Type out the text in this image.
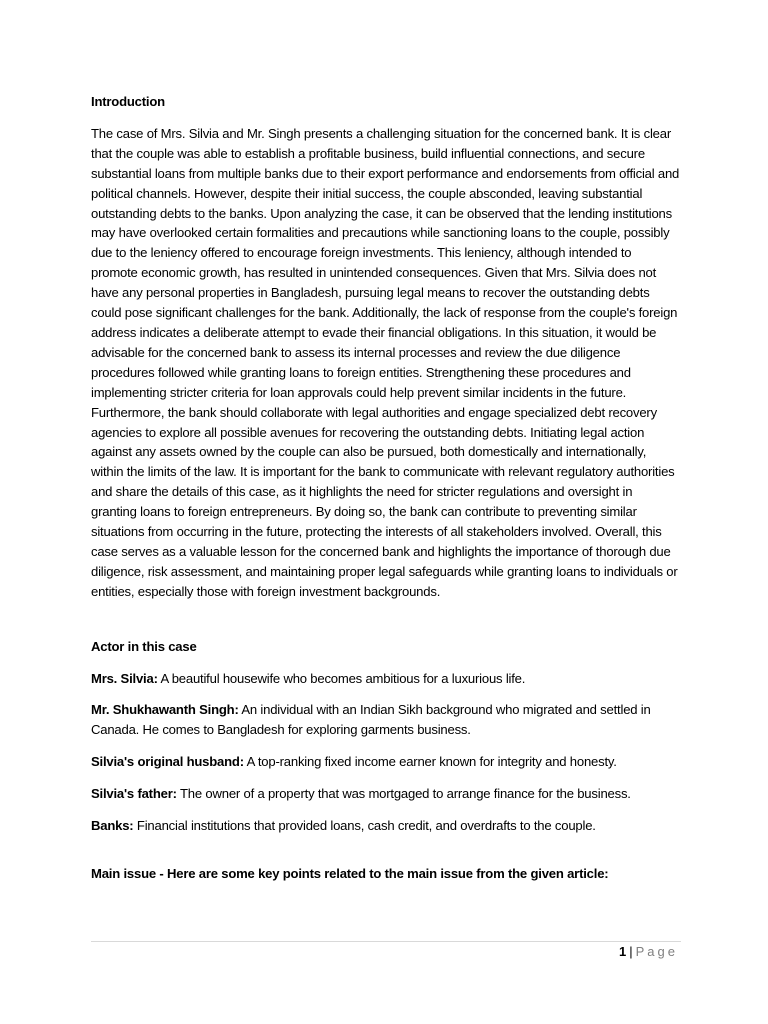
Introduction

The case of Mrs. Silvia and Mr. Singh presents a challenging situation for the concerned bank. It is clear that the couple was able to establish a profitable business, build influential connections, and secure substantial loans from multiple banks due to their export performance and endorsements from official and political channels. However, despite their initial success, the couple absconded, leaving substantial outstanding debts to the banks. Upon analyzing the case, it can be observed that the lending institutions may have overlooked certain formalities and precautions while sanctioning loans to the couple, possibly due to the leniency offered to encourage foreign investments. This leniency, although intended to promote economic growth, has resulted in unintended consequences. Given that Mrs. Silvia does not have any personal properties in Bangladesh, pursuing legal means to recover the outstanding debts could pose significant challenges for the bank. Additionally, the lack of response from the couple's foreign address indicates a deliberate attempt to evade their financial obligations. In this situation, it would be advisable for the concerned bank to assess its internal processes and review the due diligence procedures followed while granting loans to foreign entities. Strengthening these procedures and implementing stricter criteria for loan approvals could help prevent similar incidents in the future. Furthermore, the bank should collaborate with legal authorities and engage specialized debt recovery agencies to explore all possible avenues for recovering the outstanding debts. Initiating legal action against any assets owned by the couple can also be pursued, both domestically and internationally, within the limits of the law. It is important for the bank to communicate with relevant regulatory authorities and share the details of this case, as it highlights the need for stricter regulations and oversight in granting loans to foreign entrepreneurs. By doing so, the bank can contribute to preventing similar situations from occurring in the future, protecting the interests of all stakeholders involved. Overall, this case serves as a valuable lesson for the concerned bank and highlights the importance of thorough due diligence, risk assessment, and maintaining proper legal safeguards while granting loans to individuals or entities, especially those with foreign investment backgrounds.

Actor in this case

Mrs. Silvia: A beautiful housewife who becomes ambitious for a luxurious life.

Mr. Shukhawanth Singh: An individual with an Indian Sikh background who migrated and settled in Canada. He comes to Bangladesh for exploring garments business.

Silvia's original husband: A top-ranking fixed income earner known for integrity and honesty.

Silvia's father: The owner of a property that was mortgaged to arrange finance for the business.

Banks: Financial institutions that provided loans, cash credit, and overdrafts to the couple.

Main issue - Here are some key points related to the main issue from the given article:

1 | Page
